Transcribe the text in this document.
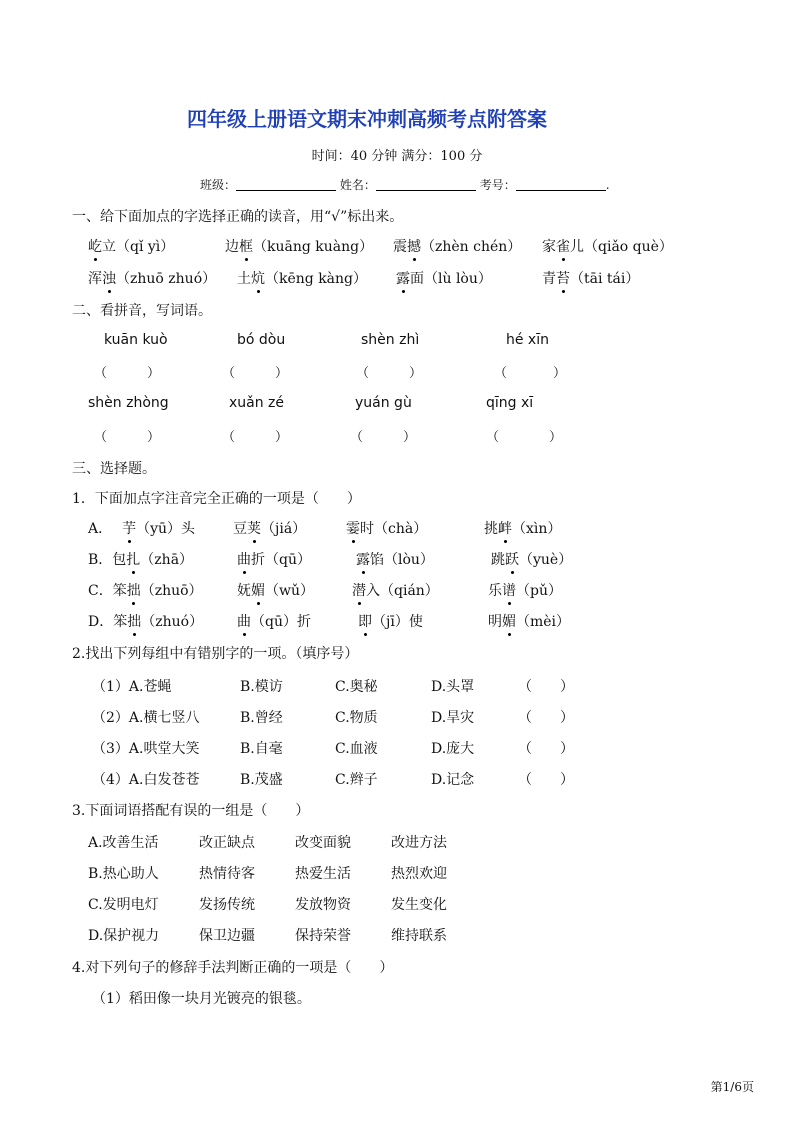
四年级上册语文期末冲刺高频考点附答案
时间：40 分钟 满分：100 分
班级：	姓名：	考号：	.
一、给下面加点的字选择正确的读音，用“√”标出来。
屹立（qǐ yì）	边框（kuāng kuàng） 震撼（zhèn chén） 家雀儿（qiǎo què）
浑浊（zhuō zhuó） 土炕（kēng kàng） 露面（lù lòu）	青苔（tāi tái）
二、看拼音，写词语。
kuān kuò	bó dòu	shèn zhì	hé xīn
（	）	（	）	（	）	（	）
shèn zhòng	xuǎn zé	yuán gù	qīng xī
（	）	（	）	（	）	（	）
三、选择题。
1．下面加点字注音完全正确的一项是（　　）
A． 芋（yū）头	豆荚（jiá）	霎时（chà）	挑衅（xìn）
B．包扎（zhā）	曲折（qū）	露馅（lòu）	跳跃（yuè）
C．笨拙（zhuō） 妩媚（wǔ）	潜入（qián）	乐谱（pǔ）
D．笨拙（zhuó） 曲（qū）折	即（jī）使	明媚（mèi）
2.找出下列每组中有错别字的一项。（填序号）
（1）A.苍蝇	B.模访	C.奥秘	D.头罩	（　　）
（2）A.横七竖八	B.曾经	C.物质	D.旱灾	（　　）
（3）A.哄堂大笑	B.自毫	C.血液	D.庞大	（　　）
（4）A.白发苍苍	B.茂盛	C.辫子	D.记念	（　　）
3.下面词语搭配有误的一组是（　　）
A.改善生活	改正缺点	改变面貌	改进方法
B.热心助人	热情待客	热爱生活	热烈欢迎
C.发明电灯	发扬传统	发放物资	发生变化
D.保护视力	保卫边疆	保持荣誉	维持联系
4.对下列句子的修辞手法判断正确的一项是（　　）
（1）稻田像一块月光镀亮的银毯。
第1/6页
